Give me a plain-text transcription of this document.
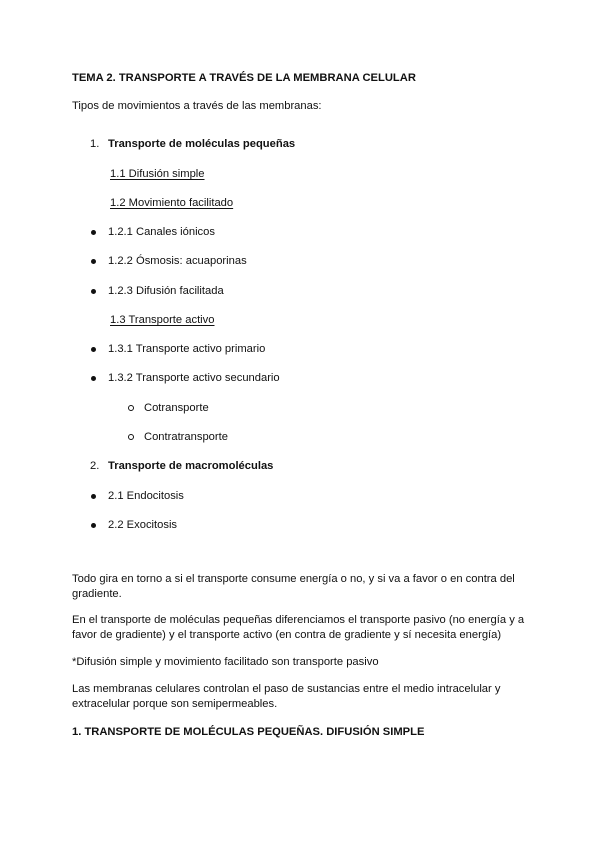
TEMA 2. TRANSPORTE A TRAVÉS DE LA MEMBRANA CELULAR
Tipos de movimientos a través de las membranas:
1. Transporte de moléculas pequeñas
1.1 Difusión simple
1.2 Movimiento facilitado
1.2.1 Canales iónicos
1.2.2 Ósmosis: acuaporinas
1.2.3 Difusión facilitada
1.3 Transporte activo
1.3.1 Transporte activo primario
1.3.2 Transporte activo secundario
Cotransporte
Contratransporte
2. Transporte de macromoléculas
2.1 Endocitosis
2.2 Exocitosis
Todo gira en torno a si el transporte consume energía o no, y si va a favor o en contra del
gradiente.
En el transporte de moléculas pequeñas diferenciamos el transporte pasivo (no energía y a
favor de gradiente) y el transporte activo (en contra de gradiente y sí necesita energía)
*Difusión simple y movimiento facilitado son transporte pasivo
Las membranas celulares controlan el paso de sustancias entre el medio intracelular y
extracelular porque son semipermeables.
1. TRANSPORTE DE MOLÉCULAS PEQUEÑAS. DIFUSIÓN SIMPLE
